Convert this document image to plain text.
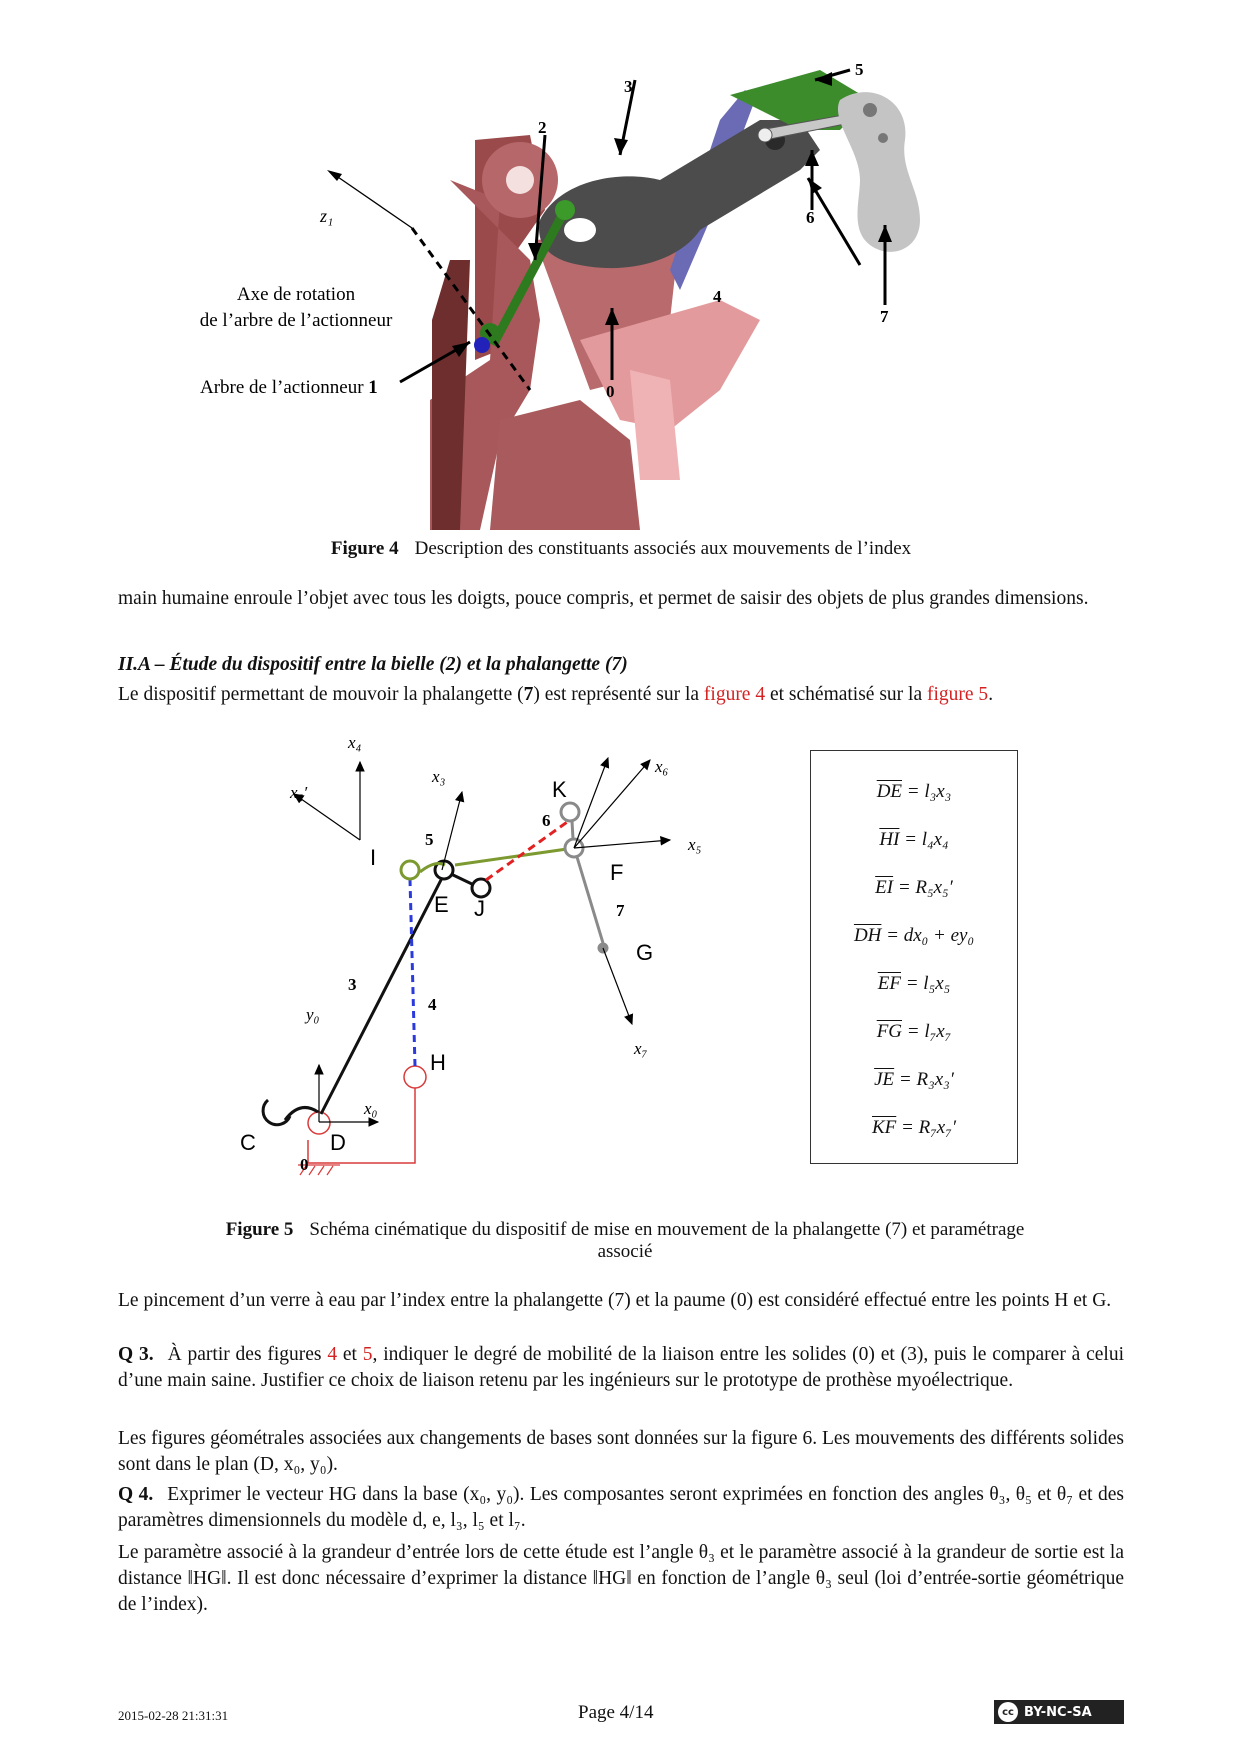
2
3
5
6
4
7
0
z₁
Axe de rotation
de l’arbre de l’actionneur
Arbre de l’actionneur 1
Figure 4 Description des constituants associés aux mouvements de l’index
main humaine enroule l’objet avec tous les doigts, pouce compris, et permet de saisir des objets de plus grandes dimensions.
II.A – Étude du dispositif entre la bielle (2) et la phalangette (7)
Le dispositif permettant de mouvoir la phalangette (7) est représenté sur la figure 4 et schématisé sur la figure 5.
x₄
x₃
x₅′
x₆
x₅
x₇
y₀
x₀
I
E J
K
F
G
H
C	D
5
6
7
3
4
0
$\overline{DE} = l_3x_3$
$\overline{HI} = l_4x_4$
$\overline{EI} = R_5x_5'$
$\overline{DH} = dx_0 + ey_0$
$\overline{EF} = l_5x_5$
$\overline{FG} = l_7x_7$
$\overline{JE} = R_3x_3'$
$\overline{KF} = R_7x_7'$
Figure 5 Schéma cinématique du dispositif de mise en mouvement de la phalangette (7) et paramétrage
associé
Le pincement d’un verre à eau par l’index entre la phalangette (7) et la paume (0) est considéré effectué entre les points H et G.
Q 3. À partir des figures 4 et 5, indiquer le degré de mobilité de la liaison entre les solides (0) et (3), puis le comparer à celui d’une main saine. Justifier ce choix de liaison retenu par les ingénieurs sur le prototype de prothèse myoélectrique.
Les figures géométrales associées aux changements de bases sont données sur la figure 6. Les mouvements des différents solides sont dans le plan (D, x₀, y₀).
Q 4. Exprimer le vecteur HG dans la base (x₀, y₀). Les composantes seront exprimées en fonction des angles θ₃, θ₅ et θ₇ et des paramètres dimensionnels du modèle d, e, l₃, l₅ et l₇.
Le paramètre associé à la grandeur d’entrée lors de cette étude est l’angle θ₃ et le paramètre associé à la grandeur de sortie est la distance ‖HG‖. Il est donc nécessaire d’exprimer la distance ‖HG‖ en fonction de l’angle θ₃ seul (loi d’entrée-sortie géométrique de l’index).
2015-02-28 21:31:31	Page 4/14	cc BY-NC-SA
